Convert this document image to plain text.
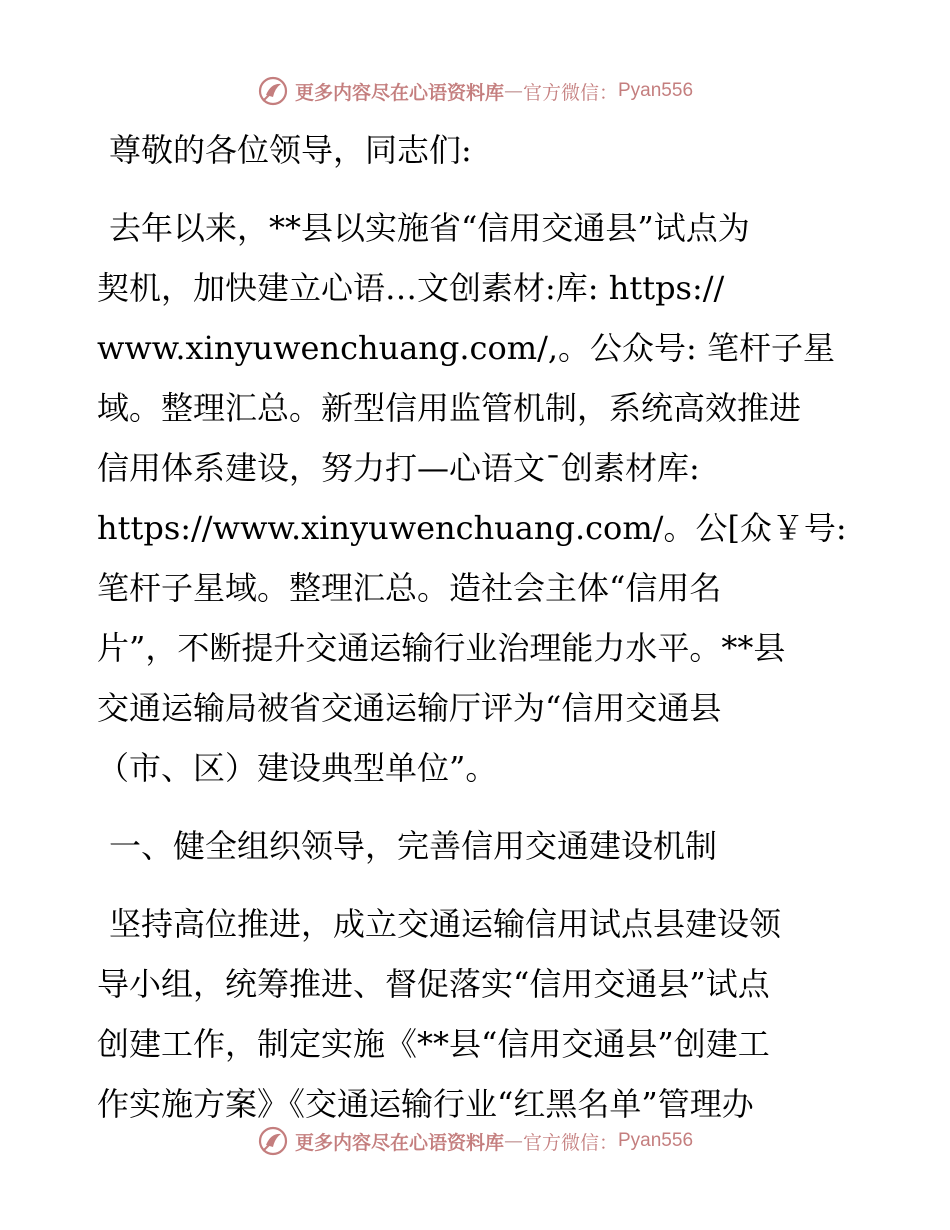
更多内容尽在心语资料库 — 官方微信： Pyan556
尊敬的各位领导，同志们:
去年以来，**县以实施省“信用交通县”试点为
契机，加快建立心语…文创素材:库: https://
www.xinyuwenchuang.com/,。公众号: 笔杆子星
域。整理汇总。新型信用监管机制，系统高效推进
信用体系建设，努力打—心语文¯创素材库:
https://www.xinyuwenchuang.com/。公[众￥号:
笔杆子星域。整理汇总。造社会主体“信用名
片”，不断提升交通运输行业治理能力水平。**县
交通运输局被省交通运输厅评为“信用交通县
（市、区）建设典型单位”。
一、健全组织领导，完善信用交通建设机制
坚持高位推进，成立交通运输信用试点县建设领
导小组，统筹推进、督促落实“信用交通县”试点
创建工作，制定实施《**县“信用交通县”创建工
作实施方案》《交通运输行业“红黑名单”管理办
更多内容尽在心语资料库 — 官方微信： Pyan556
